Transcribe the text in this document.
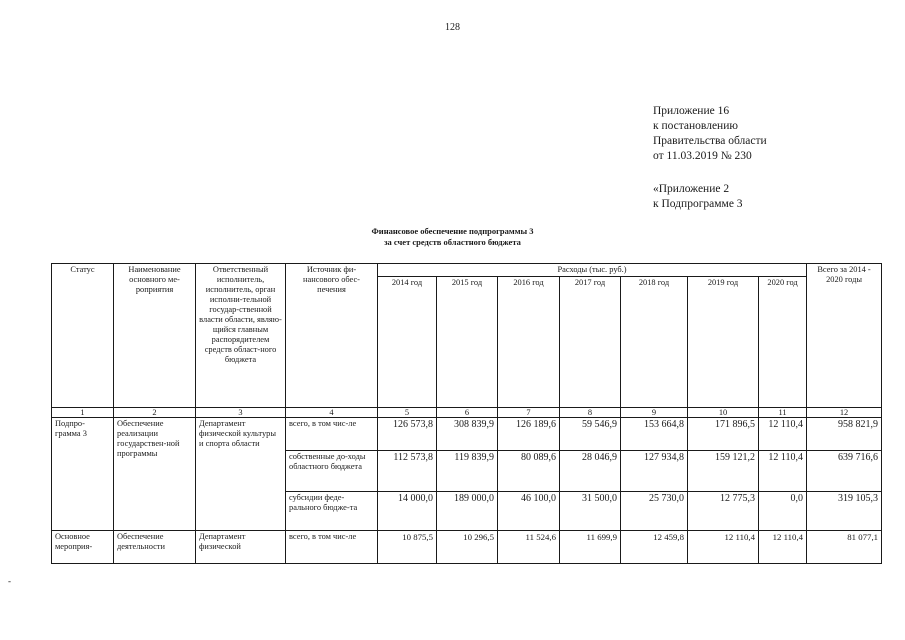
128
Приложение 16
к постановлению
Правительства области
от 11.03.2019 № 230
«Приложение 2
к Подпрограмме 3
Финансовое обеспечение подпрограммы 3
за счет средств областного бюджета
Статус	Наименование основного ме-роприятия	Ответственный исполнитель, исполнитель, орган исполни-тельной государ-ственной власти области, являю-щийся главным распорядителем средств област-ного бюджета	Источник фи-нансового обес-печения	Расходы (тыс. руб.)							Всего за 2014 - 2020 годы
				2014 год	2015 год	2016 год	2017 год	2018 год	2019 год	2020 год	
1	2	3	4	5	6	7	8	9	10	11	12
Подпро-грамма 3	Обеспечение реализации государствен-ной программы	Департамент физической культуры и спорта области	всего, в том чис-ле	126 573,8	308 839,9	126 189,6	59 546,9	153 664,8	171 896,5	12 110,4	958 821,9
			собственные до-ходы областного бюджета	112 573,8	119 839,9	80 089,6	28 046,9	127 934,8	159 121,2	12 110,4	639 716,6
			субсидии феде-рального бюдже-та	14 000,0	189 000,0	46 100,0	31 500,0	25 730,0	12 775,3	0,0	319 105,3
Основное мероприя-	Обеспечение деятельности	Департамент физической	всего, в том чис-ле	10 875,5	10 296,5	11 524,6	11 699,9	12 459,8	12 110,4	12 110,4	81 077,1
-
